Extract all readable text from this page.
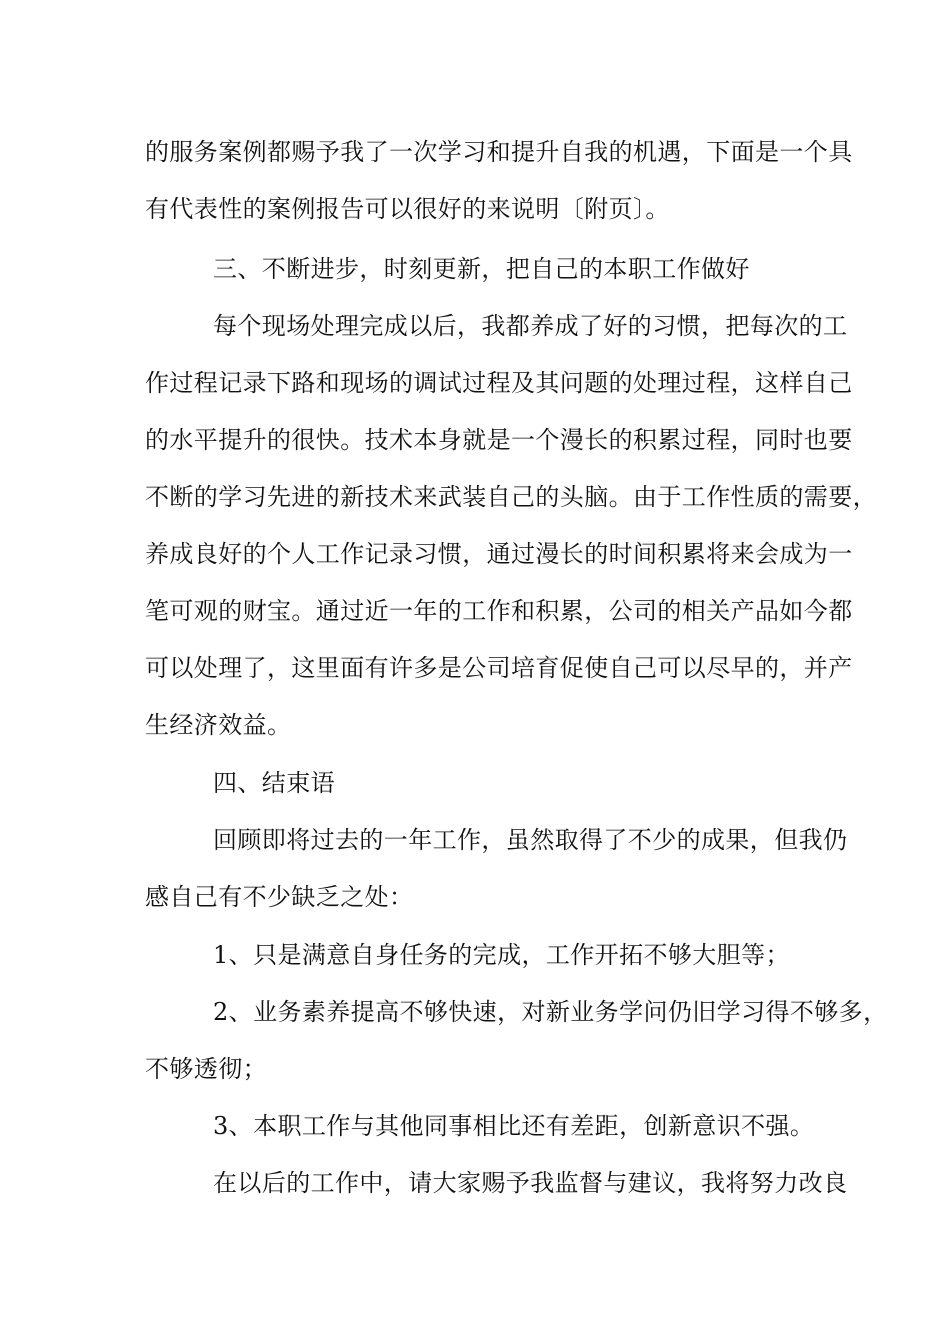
的服务案例都赐予我了一次学习和提升自我的机遇，下面是一个具
有代表性的案例报告可以很好的来说明〔附页〕。
三、不断进步，时刻更新，把自己的本职工作做好
每个现场处理完成以后，我都养成了好的习惯，把每次的工
作过程记录下路和现场的调试过程及其问题的处理过程，这样自己
的水平提升的很快。技术本身就是一个漫长的积累过程，同时也要
不断的学习先进的新技术来武装自己的头脑。由于工作性质的需要，
养成良好的个人工作记录习惯，通过漫长的时间积累将来会成为一
笔可观的财宝。通过近一年的工作和积累，公司的相关产品如今都
可以处理了，这里面有许多是公司培育促使自己可以尽早的，并产
生经济效益。
四、结束语
回顾即将过去的一年工作，虽然取得了不少的成果，但我仍
感自己有不少缺乏之处：
1、只是满意自身任务的完成，工作开拓不够大胆等；
2、业务素养提高不够快速，对新业务学问仍旧学习得不够多，
不够透彻；
3、本职工作与其他同事相比还有差距，创新意识不强。
在以后的工作中，请大家赐予我监督与建议，我将努力改良
